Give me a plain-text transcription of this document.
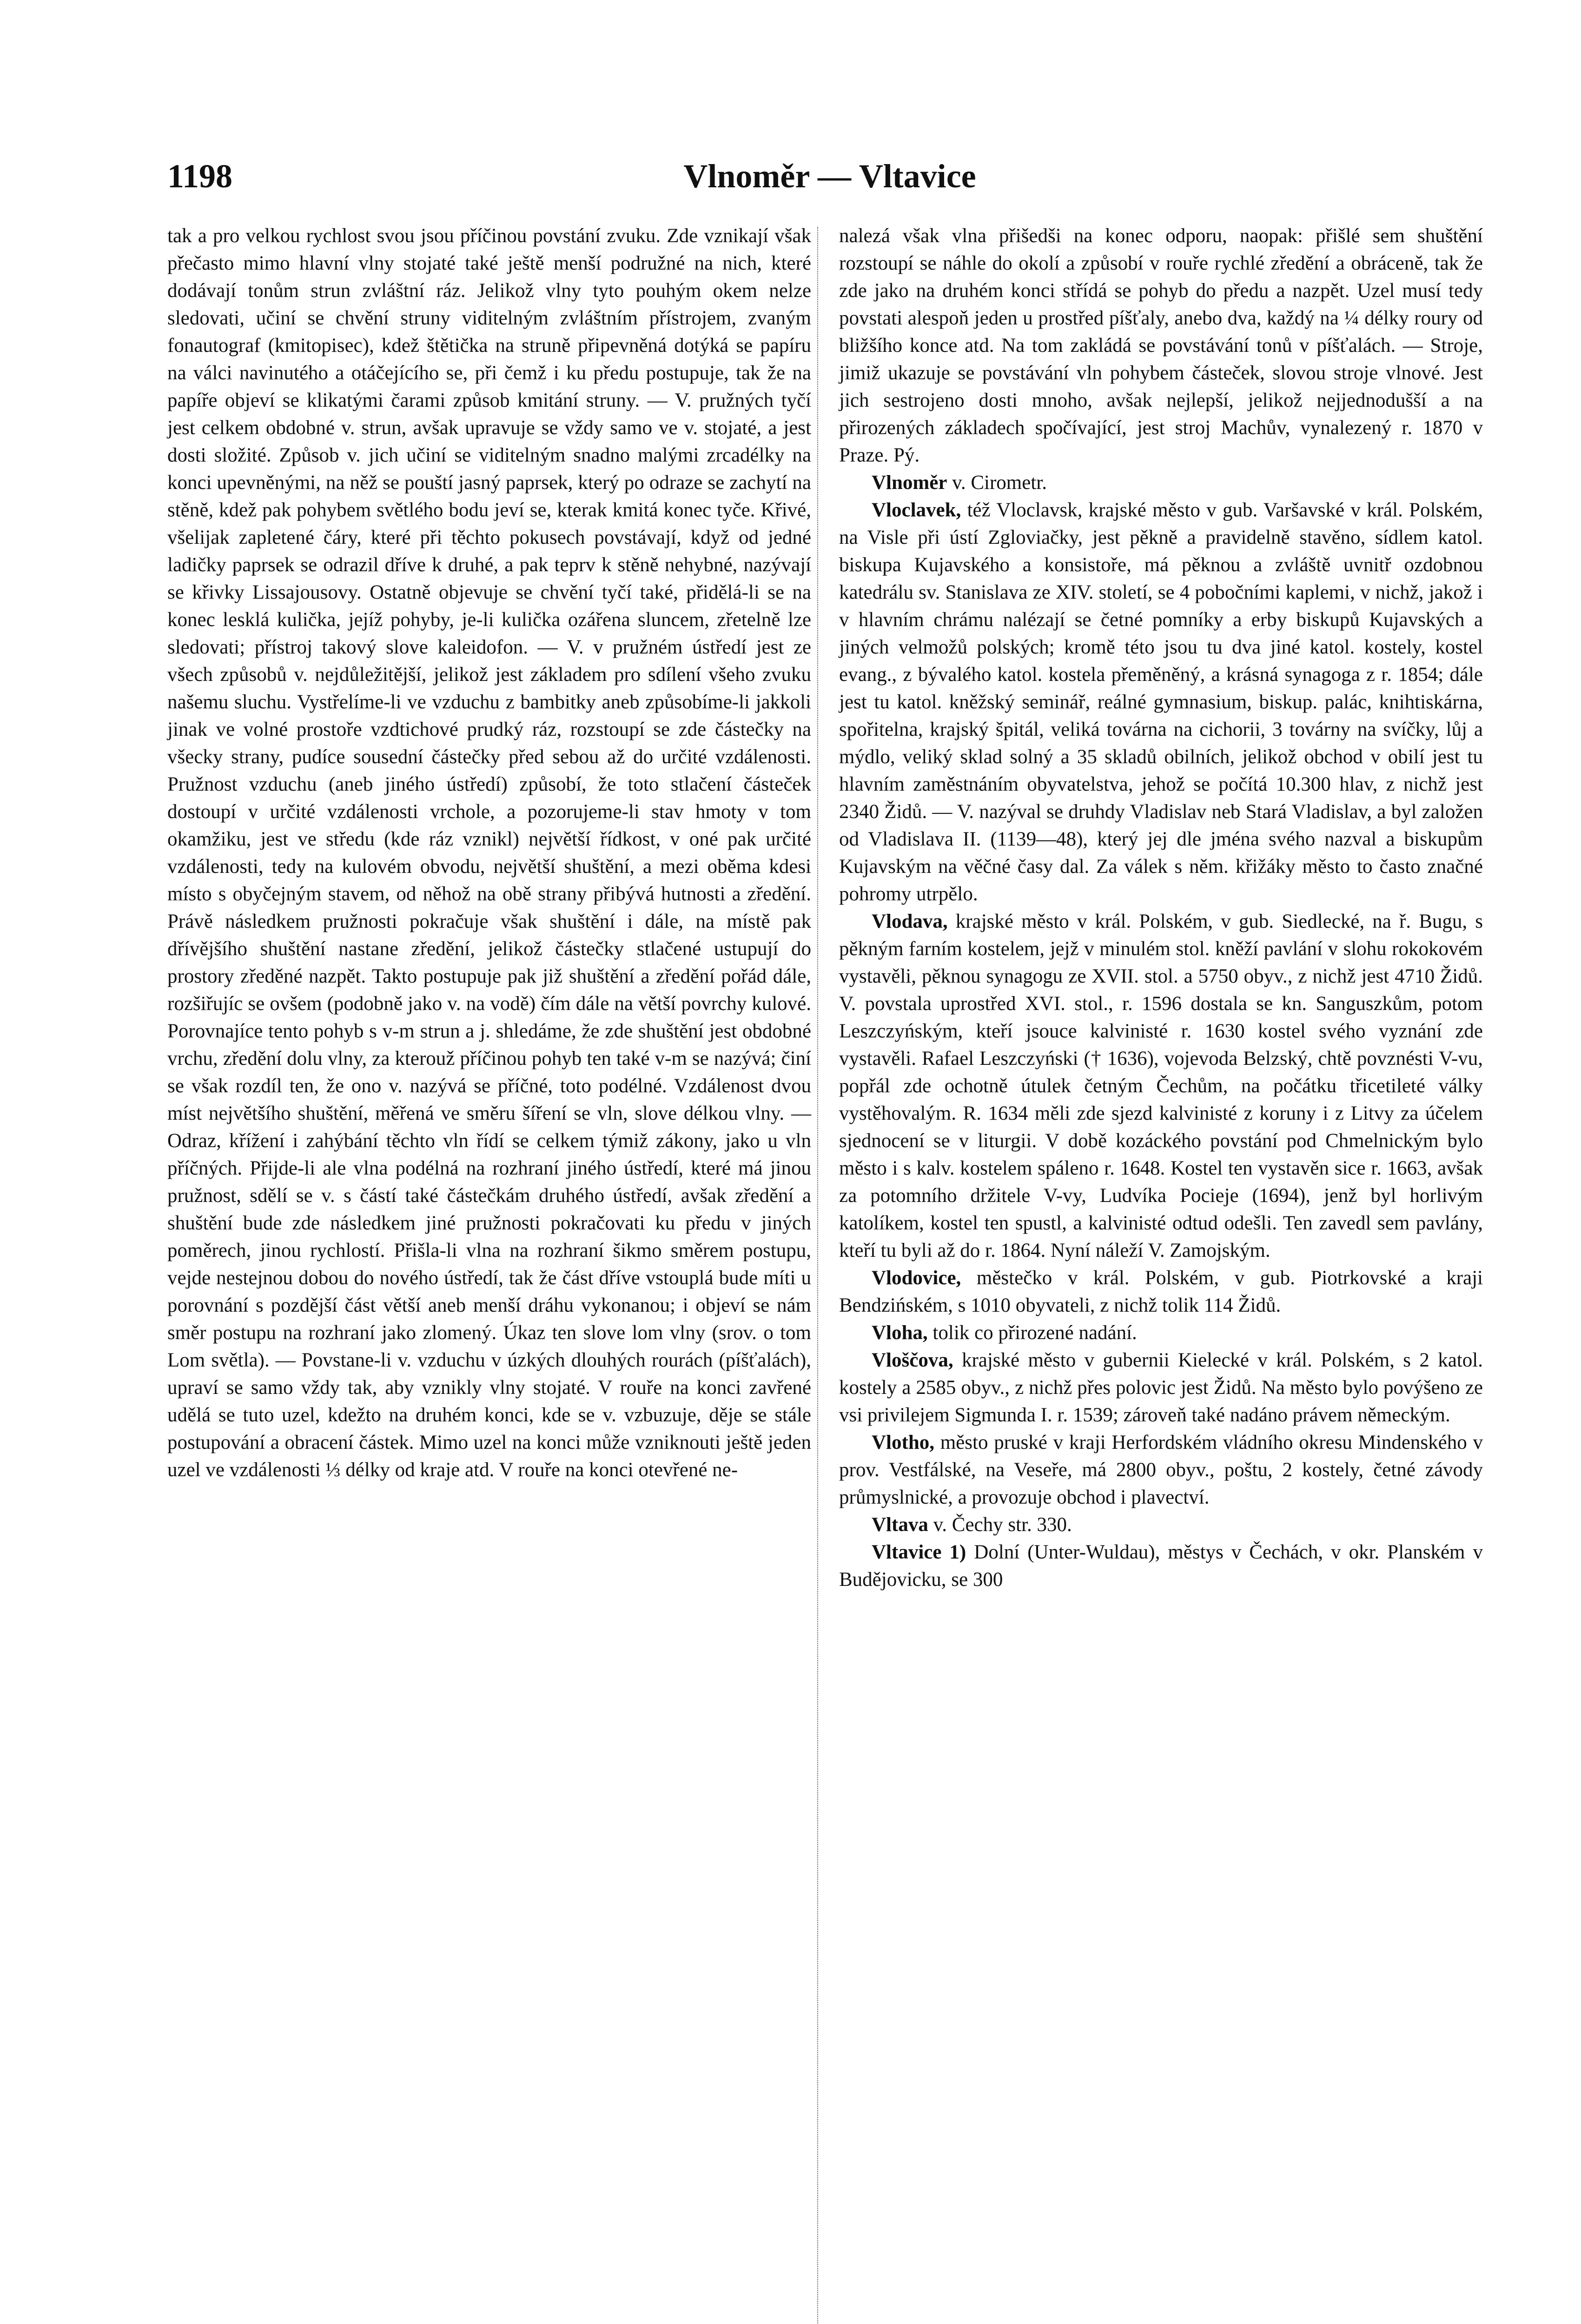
1198	Vlnoměr — Vltavice

tak a pro velkou rychlost svou jsou příčinou povstání zvuku. Zde vznikají však přečasto mimo hlavní vlny stojaté také ještě menší podružné na nich, které dodávají tonům strun zvláštní ráz. Jelikož vlny tyto pouhým okem nelze sledovati, učiní se chvění struny viditelným zvláštním přístrojem, zvaným fonautograf (kmitopisec), kdež štětička na struně připevněná dotýká se papíru na válci navinutého a otáčejícího se, při čemž i ku předu postupuje, tak že na papíře objeví se klikatými čarami způsob kmitání struny. — V. pružných tyčí jest celkem obdobné v. strun, avšak upravuje se vždy samo ve v. stojaté, a jest dosti složité. Způsob v. jich učiní se viditelným snadno malými zrcadélky na konci upevněnými, na něž se pouští jasný paprsek, který po odraze se zachytí na stěně, kdež pak pohybem světlého bodu jeví se, kterak kmitá konec tyče. Křivé, všelijak zapletené čáry, které při těchto pokusech povstávají, když od jedné ladičky paprsek se odrazil dříve k druhé, a pak teprv k stěně nehybné, nazývají se křivky Lissajousovy. Ostatně objevuje se chvění tyčí také, přidělá-li se na konec lesklá kulička, jejíž pohyby, je-li kulička ozářena sluncem, zřetelně lze sledovati; přístroj takový slove kaleidofon. — V. v pružném ústředí jest ze všech způsobů v. nejdůležitější, jelikož jest základem pro sdílení všeho zvuku našemu sluchu. Vystřelíme-li ve vzduchu z bambitky aneb způsobíme-li jakkoli jinak ve volné prostoře vzdtichové prudký ráz, rozstoupí se zde částečky na všecky strany, pudíce sousední částečky před sebou až do určité vzdálenosti. Pružnost vzduchu (aneb jiného ústředí) způsobí, že toto stlačení částeček dostoupí v určité vzdálenosti vrchole, a pozorujeme-li stav hmoty v tom okamžiku, jest ve středu (kde ráz vznikl) největší řídkost, v oné pak určité vzdálenosti, tedy na kulovém obvodu, největší shuštění, a mezi oběma kdesi místo s obyčejným stavem, od něhož na obě strany přibývá hutnosti a zředění. Právě následkem pružnosti pokračuje však shuštění i dále, na místě pak dřívějšího shuštění nastane zředění, jelikož částečky stlačené ustupují do prostory zředěné nazpět. Takto postupuje pak již shuštění a zředění pořád dále, rozšiřujíc se ovšem (podobně jako v. na vodě) čím dále na větší povrchy kulové. Porovnajíce tento pohyb s v-m strun a j. shledáme, že zde shuštění jest obdobné vrchu, zředění dolu vlny, za kterouž příčinou pohyb ten také v-m se nazývá; činí se však rozdíl ten, že ono v. nazývá se příčné, toto podélné. Vzdálenost dvou míst největšího shuštění, měřená ve směru šíření se vln, slove délkou vlny. — Odraz, křížení i zahýbání těchto vln řídí se celkem týmiž zákony, jako u vln příčných. Přijde-li ale vlna podélná na rozhraní jiného ústředí, které má jinou pružnost, sdělí se v. s částí také částečkám druhého ústředí, avšak zředění a shuštění bude zde následkem jiné pružnosti pokračovati ku předu v jiných poměrech, jinou rychlostí. Přišla-li vlna na rozhraní šikmo směrem postupu, vejde nestejnou dobou do nového ústředí, tak že část dříve vstouplá bude míti u porovnání s pozdější část větší aneb menší dráhu vykonanou; i objeví se nám směr postupu na rozhraní jako zlomený. Úkaz ten slove lom vlny (srov. o tom Lom světla). — Povstane-li v. vzduchu v úzkých dlouhých rourách (píšťalách), upraví se samo vždy tak, aby vznikly vlny stojaté. V rouře na konci zavřené udělá se tuto uzel, kdežto na druhém konci, kde se v. vzbuzuje, děje se stále postupování a obracení částek. Mimo uzel na konci může vzniknouti ještě jeden uzel ve vzdálenosti ⅓ délky od kraje atd. V rouře na konci otevřené ne-

nalezá však vlna přišedši na konec odporu, naopak: přišlé sem shuštění rozstoupí se náhle do okolí a způsobí v rouře rychlé zředění a obráceně, tak že zde jako na druhém konci střídá se pohyb do předu a nazpět. Uzel musí tedy povstati alespoň jeden u prostřed píšťaly, anebo dva, každý na ¼ délky roury od bližšího konce atd. Na tom zakládá se povstávání tonů v píšťalách. — Stroje, jimiž ukazuje se povstávání vln pohybem částeček, slovou stroje vlnové. Jest jich sestrojeno dosti mnoho, avšak nejlepší, jelikož nejjednodušší a na přirozených základech spočívající, jest stroj Machův, vynalezený r. 1870 v Praze. Pý.

Vlnoměr v. Cirometr.

Vloclavek, též Vloclavsk, krajské město v gub. Varšavské v král. Polském, na Visle při ústí Zgloviačky, jest pěkně a pravidelně stavěno, sídlem katol. biskupa Kujavského a konsistoře, má pěknou a zvláště uvnitř ozdobnou katedrálu sv. Stanislava ze XIV. století, se 4 pobočními kaplemi, v nichž, jakož i v hlavním chrámu nalézají se četné pomníky a erby biskupů Kujavských a jiných velmožů polských; kromě této jsou tu dva jiné katol. kostely, kostel evang., z bývalého katol. kostela přeměněný, a krásná synagoga z r. 1854; dále jest tu katol. kněžský seminář, reálné gymnasium, biskup. palác, knihtiskárna, spořitelna, krajský špitál, veliká továrna na cichorii, 3 továrny na svíčky, lůj a mýdlo, veliký sklad solný a 35 skladů obilních, jelikož obchod v obilí jest tu hlavním zaměstnáním obyvatelstva, jehož se počítá 10.300 hlav, z nichž jest 2340 Židů. — V. nazýval se druhdy Vladislav neb Stará Vladislav, a byl založen od Vladislava II. (1139—48), který jej dle jména svého nazval a biskupům Kujavským na věčné časy dal. Za válek s něm. křižáky město to často značné pohromy utrpělo.

Vlodava, krajské město v král. Polském, v gub. Siedlecké, na ř. Bugu, s pěkným farním kostelem, jejž v minulém stol. kněží pavlání v slohu rokokovém vystavěli, pěknou synagogu ze XVII. stol. a 5750 obyv., z nichž jest 4710 Židů. V. povstala uprostřed XVI. stol., r. 1596 dostala se kn. Sanguszkům, potom Leszczyńským, kteří jsouce kalvinisté r. 1630 kostel svého vyznání zde vystavěli. Rafael Leszczyński († 1636), vojevoda Belzský, chtě povznésti V-vu, popřál zde ochotně útulek četným Čechům, na počátku třicetileté války vystěhovalým. R. 1634 měli zde sjezd kalvinisté z koruny i z Litvy za účelem sjednocení se v liturgii. V době kozáckého povstání pod Chmelnickým bylo město i s kalv. kostelem spáleno r. 1648. Kostel ten vystavěn sice r. 1663, avšak za potomního držitele V-vy, Ludvíka Pocieje (1694), jenž byl horlivým katolíkem, kostel ten spustl, a kalvinisté odtud odešli. Ten zavedl sem pavlány, kteří tu byli až do r. 1864. Nyní náleží V. Zamojským.

Vlodovice, městečko v král. Polském, v gub. Piotrkovské a kraji Bendzińském, s 1010 obyvateli, z nichž tolik 114 Židů.

Vloha, tolik co přirozené nadání.

Vloščova, krajské město v gubernii Kielecké v král. Polském, s 2 katol. kostely a 2585 obyv., z nichž přes polovic jest Židů. Na město bylo povýšeno ze vsi privilejem Sigmunda I. r. 1539; zároveň také nadáno právem německým.

Vlotho, město pruské v kraji Herfordském vládního okresu Mindenského v prov. Vestfálské, na Veseře, má 2800 obyv., poštu, 2 kostely, četné závody průmyslnické, a provozuje obchod i plavectví.

Vltava v. Čechy str. 330.

Vltavice 1) Dolní (Unter-Wuldau), městys v Čechách, v okr. Planském v Budějovicku, se 300
